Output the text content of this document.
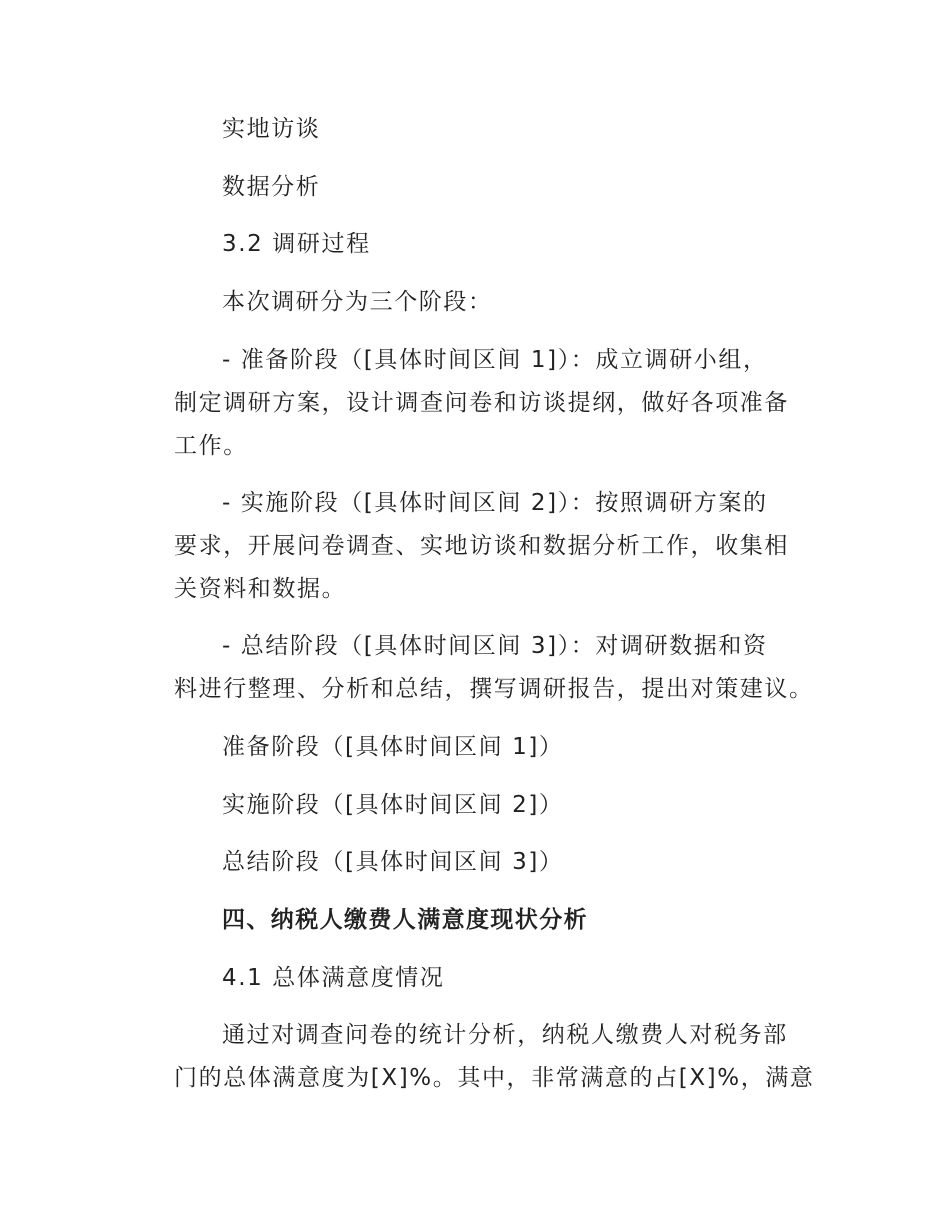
实地访谈
数据分析
3.2 调研过程
本次调研分为三个阶段：
- 准备阶段（[具体时间区间 1]）：成立调研小组，
制定调研方案，设计调查问卷和访谈提纲，做好各项准备
工作。
- 实施阶段（[具体时间区间 2]）：按照调研方案的
要求，开展问卷调查、实地访谈和数据分析工作，收集相
关资料和数据。
- 总结阶段（[具体时间区间 3]）：对调研数据和资
料进行整理、分析和总结，撰写调研报告，提出对策建议。
准备阶段（[具体时间区间 1]）
实施阶段（[具体时间区间 2]）
总结阶段（[具体时间区间 3]）
四、纳税人缴费人满意度现状分析
4.1 总体满意度情况
通过对调查问卷的统计分析，纳税人缴费人对税务部
门的总体满意度为[X]%。其中，非常满意的占[X]%，满意
